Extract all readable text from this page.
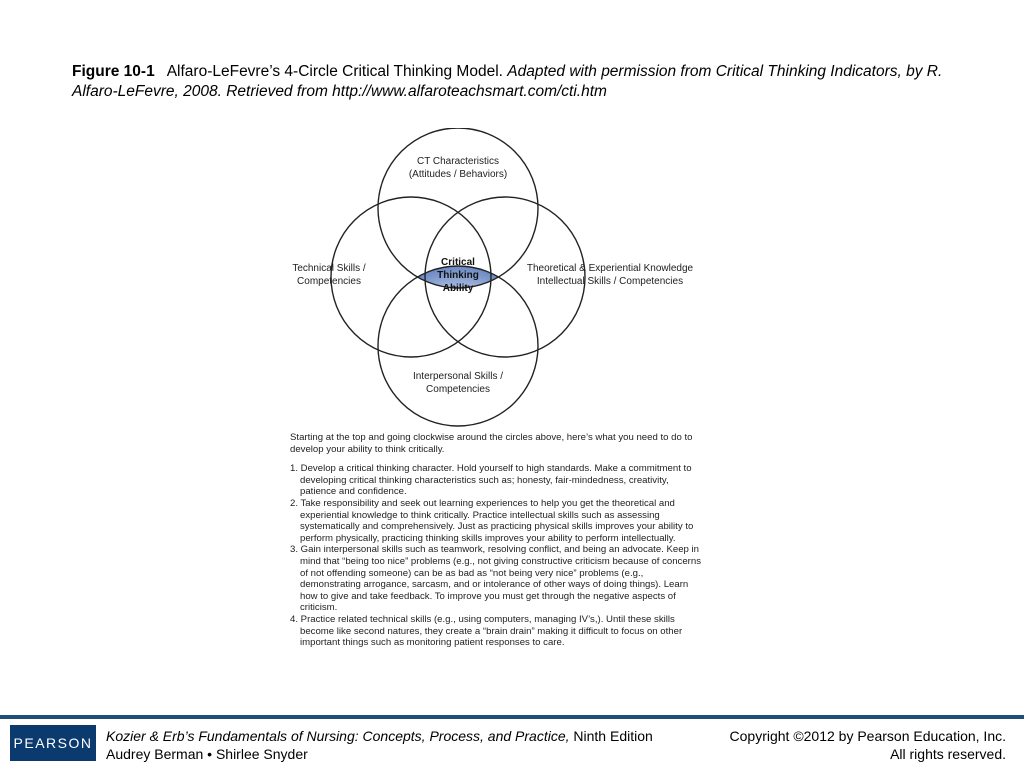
Figure 10-1 Alfaro-LeFevre’s 4-Circle Critical Thinking Model. Adapted with permission from Critical Thinking Indicators, by R. Alfaro-LeFevre, 2008. Retrieved from http://www.alfaroteachsmart.com/cti.htm
CT Characteristics
(Attitudes / Behaviors)
Technical Skills /
Competencies
Theoretical & Experiential Knowledge
Intellectual Skills / Competencies
Interpersonal Skills /
Competencies
Critical
Thinking
Ability

Starting at the top and going clockwise around the circles above, here’s what you need to do to develop your ability to think critically.

1. Develop a critical thinking character. Hold yourself to high standards. Make a commitment to developing critical thinking characteristics such as; honesty, fair-mindedness, creativity, patience and confidence.
2. Take responsibility and seek out learning experiences to help you get the theoretical and experiential knowledge to think critically. Practice intellectual skills such as assessing systematically and comprehensively. Just as practicing physical skills improves your ability to perform physically, practicing thinking skills improves your ability to perform intellectually.
3. Gain interpersonal skills such as teamwork, resolving conflict, and being an advocate. Keep in mind that “being too nice” problems (e.g., not giving constructive criticism because of concerns of not offending someone) can be as bad as “not being very nice” problems (e.g., demonstrating arrogance, sarcasm, and or intolerance of other ways of doing things). Learn how to give and take feedback. To improve you must get through the negative aspects of criticism.
4. Practice related technical skills (e.g., using computers, managing IV’s,). Until these skills become like second natures, they create a “brain drain” making it difficult to focus on other important things such as monitoring patient responses to care.
PEARSON Kozier & Erb’s Fundamentals of Nursing: Concepts, Process, and Practice, Ninth Edition
Audrey Berman • Shirlee Snyder
Copyright ©2012 by Pearson Education, Inc.
All rights reserved.
